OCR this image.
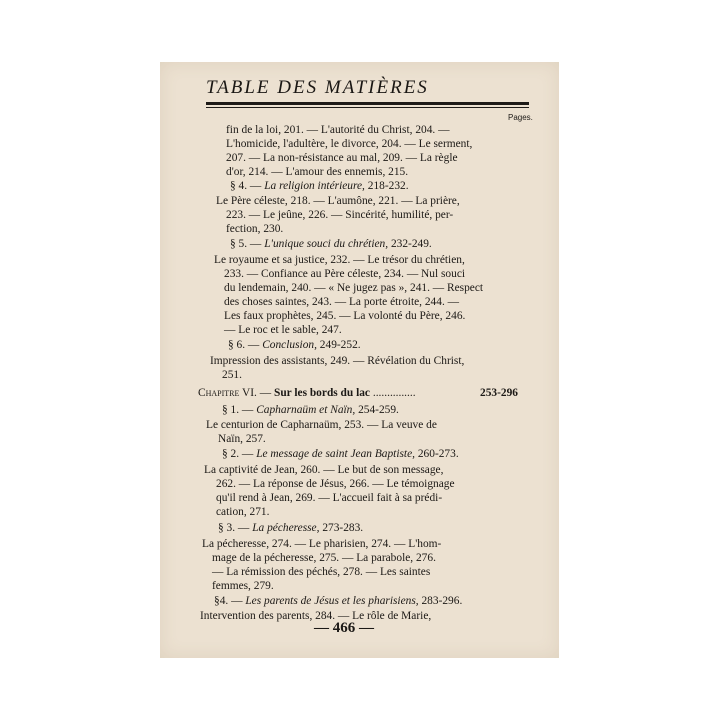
TABLE DES MATIÈRES
Pages.
fin de la loi, 201. — L'autorité du Christ, 204. —
L'homicide, l'adultère, le divorce, 204. — Le serment,
207. — La non-résistance au mal, 209. — La règle
d'or, 214. — L'amour des ennemis, 215.
§ 4. — La religion intérieure, 218-232.
Le Père céleste, 218. — L'aumône, 221. — La prière,
223. — Le jeûne, 226. — Sincérité, humilité, per-
fection, 230.
§ 5. — L'unique souci du chrétien, 232-249.
Le royaume et sa justice, 232. — Le trésor du chrétien,
233. — Confiance au Père céleste, 234. — Nul souci
du lendemain, 240. — « Ne jugez pas », 241. — Respect
des choses saintes, 243. — La porte étroite, 244. —
Les faux prophètes, 245. — La volonté du Père, 246.
— Le roc et le sable, 247.
§ 6. — Conclusion, 249-252.
Impression des assistants, 249. — Révélation du Christ,
251.
Chapitre VI. — Sur les bords du lac ...............	253-296
§ 1. — Capharnaüm et Naïn, 254-259.
Le centurion de Capharnaüm, 253. — La veuve de
Naïn, 257.
§ 2. — Le message de saint Jean Baptiste, 260-273.
La captivité de Jean, 260. — Le but de son message,
262. — La réponse de Jésus, 266. — Le témoignage
qu'il rend à Jean, 269. — L'accueil fait à sa prédi-
cation, 271.
§ 3. — La pécheresse, 273-283.
La pécheresse, 274. — Le pharisien, 274. — L'hom-
mage de la pécheresse, 275. — La parabole, 276.
— La rémission des péchés, 278. — Les saintes
femmes, 279.
§4. — Les parents de Jésus et les pharisiens, 283-296.
Intervention des parents, 284. — Le rôle de Marie,
— 466 —
